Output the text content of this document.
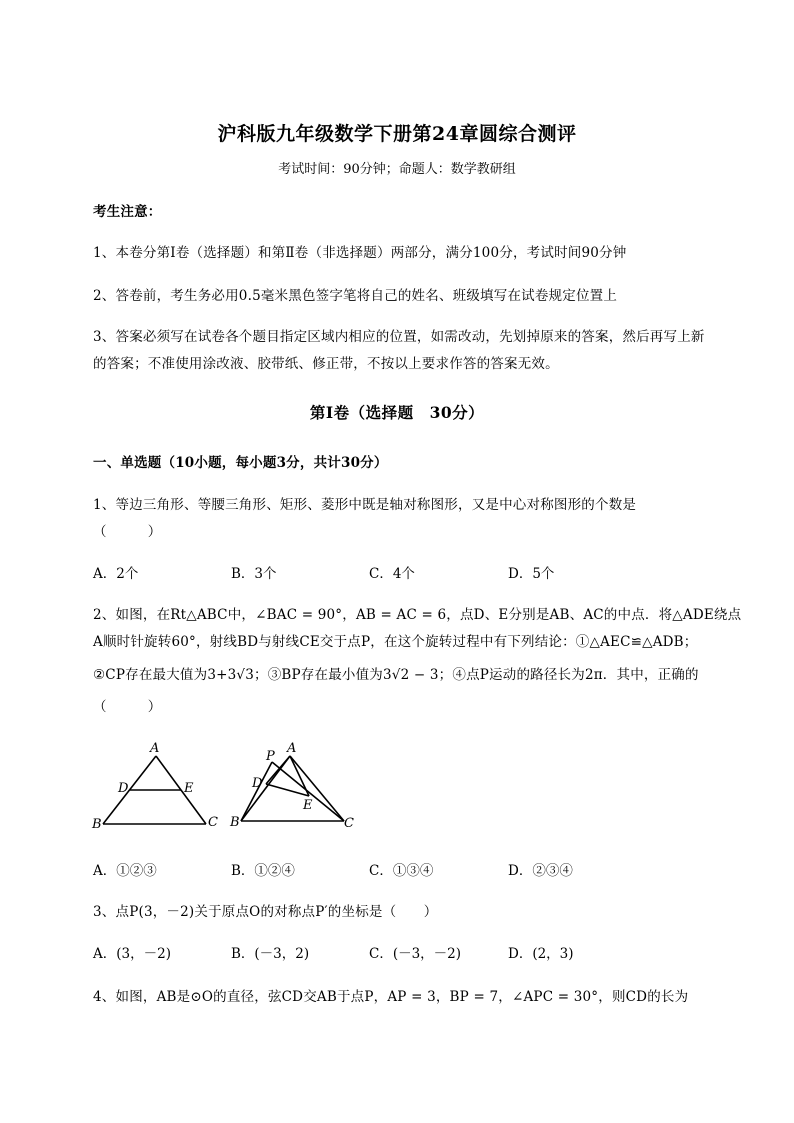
沪科版九年级数学下册第24章圆综合测评
考试时间：90分钟；命题人：数学教研组
考生注意：
1、本卷分第I卷（选择题）和第Ⅱ卷（非选择题）两部分，满分100分，考试时间90分钟
2、答卷前，考生务必用0.5毫米黑色签字笔将自己的姓名、班级填写在试卷规定位置上
3、答案必须写在试卷各个题目指定区域内相应的位置，如需改动，先划掉原来的答案，然后再写上新
的答案；不准使用涂改液、胶带纸、修正带，不按以上要求作答的答案无效。
第I卷（选择题　30分）
一、单选题（10小题，每小题3分，共计30分）
1、等边三角形、等腰三角形、矩形、菱形中既是轴对称图形，又是中心对称图形的个数是
（　　　）
A．2个	B．3个	C．4个	D．5个
2、如图，在Rt△ABC中，∠BAC = 90°，AB = AC = 6，点D、E分别是AB、AC的中点．将△ADE绕点
A顺时针旋转60°，射线BD与射线CE交于点P，在这个旋转过程中有下列结论：①△AEC≌△ADB；
②CP存在最大值为3+3√3；③BP存在最小值为3√2 − 3；④点P运动的路径长为2π．其中，正确的
（　　　）
A
D	E
B	C
P
A
D
E
B	C
A．①②③	B．①②④	C．①③④	D．②③④
3、点P(3，－2)关于原点O的对称点P′的坐标是（　　）
A．(3，－2)	B．(－3，2)	C．(－3，－2)	D．(2，3)
4、如图，AB是⊙O的直径，弦CD交AB于点P，AP = 3，BP = 7，∠APC = 30°，则CD的长为
